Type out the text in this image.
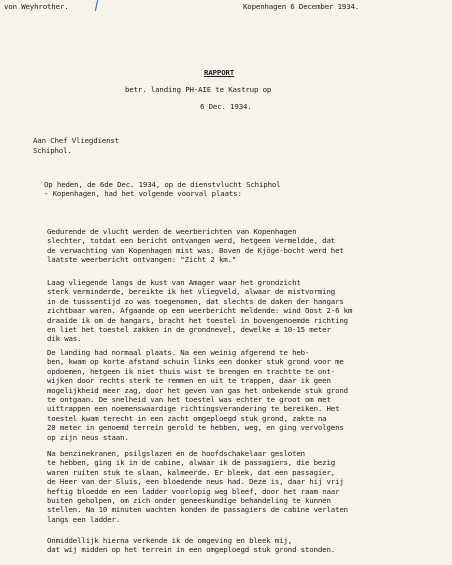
von Weyhrother.	Kopenhagen 6 December 1934.
RAPPORT
betr. landing PH-AIE te Kastrup op
6 Dec. 1934.
Aan Chef Vliegdienst
Schiphol.
Op heden, de 6de Dec. 1934, op de dienstvlucht Schiphol
- Kopenhagen, had het volgende voorval plaats:
Gedurende de vlucht werden de weerberichten van Kopenhagen
slechter, totdat een bericht ontvangen werd, hetgeen vermeldde, dat
de verwachting van Kopenhagen mist was. Boven de Kjöge-bocht werd het
laatste weerbericht ontvangen: "Zicht 2 km."
Laag vliegende langs de kust van Amager waar het grondzicht
sterk verminderde, bereikte ik het vliegveld, alwaar de mistvorming
in de tusssentijd zo was toegenomen, dat slechts de daken der hangars
zichtbaar waren. Afgaande op een weerbericht meldende: wind Oost 2-6 km
draaide ik om de hangars, bracht het toestel in bovengenoemde richting
en liet het toestel zakken in de grondnevel, dewelke ± 10-15 meter
dik was.
De landing had normaal plaats. Na een weinig afgerend te heb-
ben, kwam op korte afstand schuin links een donker stuk grond voor me
opdoemen, hetgeen ik niet thuis wist te brengen en trachtte te ont-
wijken door rechts sterk te remmen en uit te trappen, daar ik geen
mogelijkheid meer zag, door het geven van gas het onbekende stuk grond
te ontgaan. De snelheid van het toestel was echter te groot om met
uittrappen een noemenswaardige richtingsverandering te bereiken. Het
toestel kwam terecht in een zacht omgeploegd stuk grond, zakte na
20 meter in genoemd terrein gerold te hebben, weg, en ging vervolgens
op zijn neus staan.
Na benzinekranen, psilgslazen en de hoofdschakelaar gesloten
te hebben, ging ik in de cabine, alwaar ik de passagiers, die bezig
waren ruiten stuk te slaan, kalmeerde. Er bleek, dat een passagier,
de Heer van der Sluis, een bloedende neus had. Deze is, daar hij vrij
heftig bloedde en een ladder voorlopig weg bleef, door het raam naar
buiten geholpen, om zich onder geneeskundige behandeling te kunnen
stellen. Na 10 minuten wachten konden de passagiers de cabine verlaten
langs een ladder.
Onmiddellijk hierna verkende ik de omgeving en bleek mij,
dat wij midden op het terrein in een omgeploegd stuk grond stonden.
